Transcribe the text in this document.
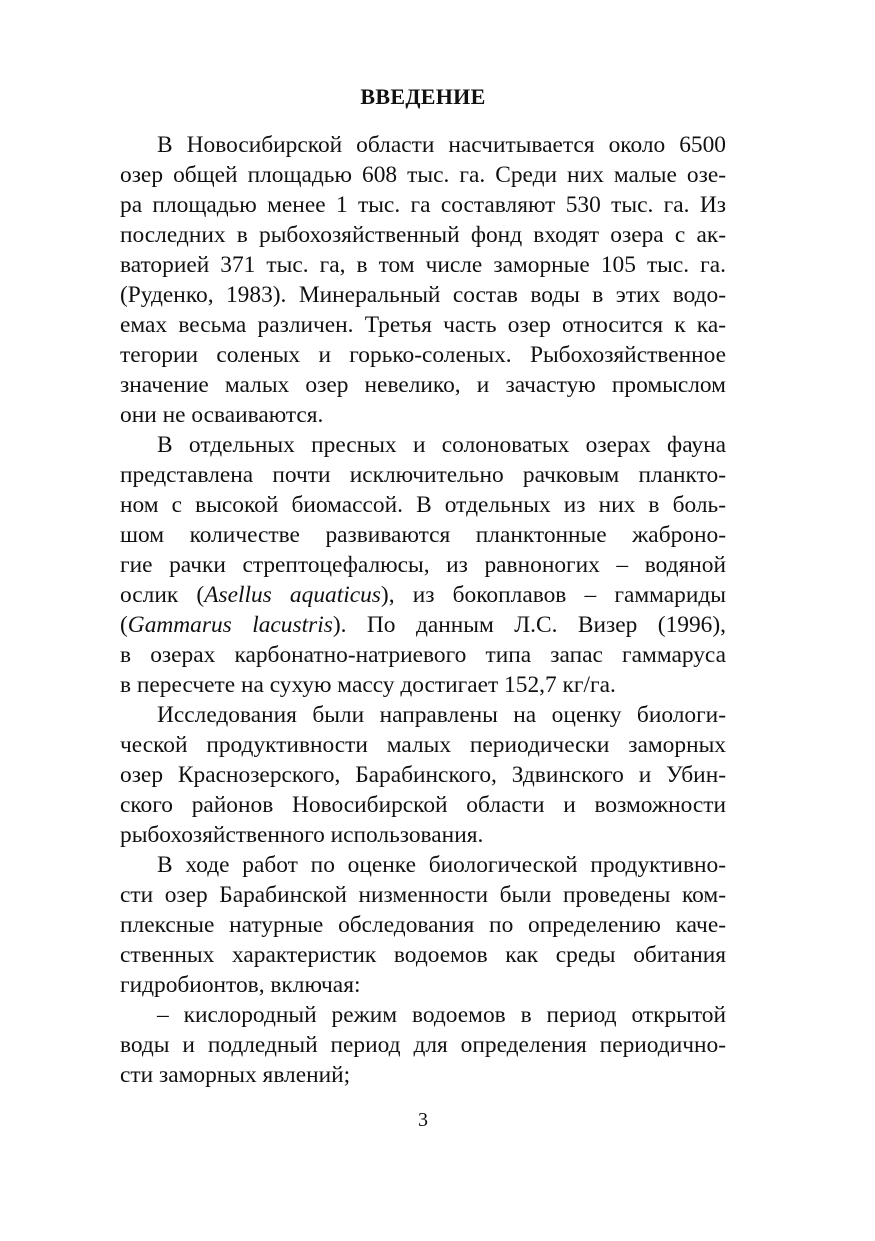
ВВЕДЕНИЕ
В Новосибирской области насчитывается около 6500
озер общей площадью 608 тыс. га. Среди них малые озе-
ра площадью менее 1 тыс. га составляют 530 тыс. га. Из
последних в рыбохозяйственный фонд входят озера с ак-
ваторией 371 тыс. га, в том числе заморные 105 тыс. га.
(Руденко, 1983). Минеральный состав воды в этих водо-
емах весьма различен. Третья часть озер относится к ка-
тегории соленых и горько-соленых. Рыбохозяйственное
значение малых озер невелико, и зачастую промыслом
они не осваиваются.
В отдельных пресных и солоноватых озерах фауна
представлена почти исключительно рачковым планкто-
ном с высокой биомассой. В отдельных из них в боль-
шом количестве развиваются планктонные жаброно-
гие рачки стрептоцефалюсы, из равноногих – водяной
ослик (Asellus aquaticus), из бокоплавов – гаммариды
(Gammarus lacustris). По данным Л.С. Визер (1996),
в озерах карбонатно-натриевого типа запас гаммаруса
в пересчете на сухую массу достигает 152,7 кг/га.
Исследования были направлены на оценку биологи-
ческой продуктивности малых периодически заморных
озер Краснозерского, Барабинского, Здвинского и Убин-
ского районов Новосибирской области и возможности
рыбохозяйственного использования.
В ходе работ по оценке биологической продуктивно-
сти озер Барабинской низменности были проведены ком-
плексные натурные обследования по определению каче-
ственных характеристик водоемов как среды обитания
гидробионтов, включая:
– кислородный режим водоемов в период открытой
воды и подледный период для определения периодично-
сти заморных явлений;
3
